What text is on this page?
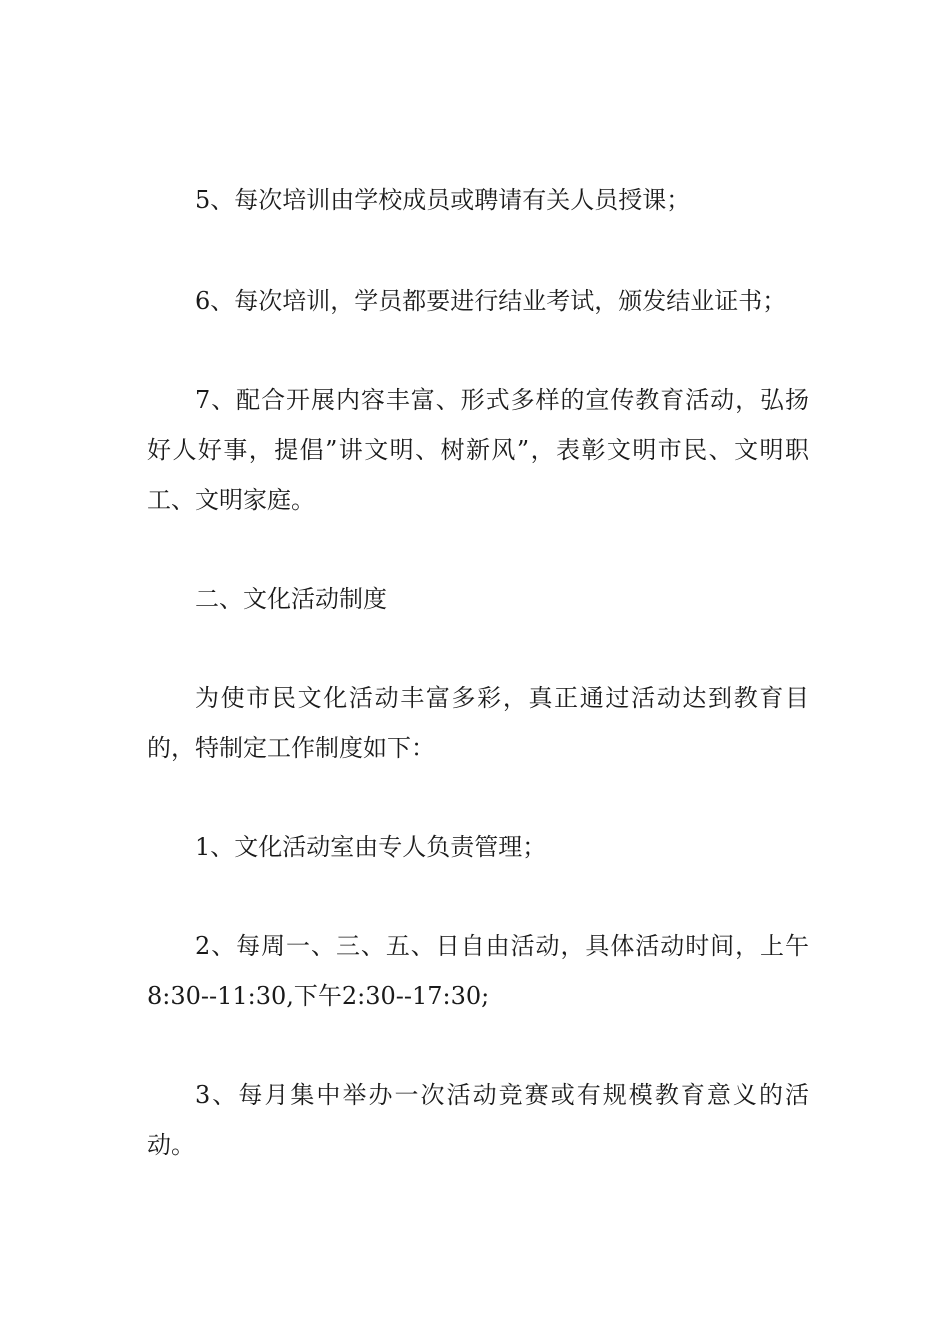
5、每次培训由学校成员或聘请有关人员授课；

6、每次培训，学员都要进行结业考试，颁发结业证书；

7、配合开展内容丰富、形式多样的宣传教育活动，弘扬好人好事，提倡”讲文明、树新风”，表彰文明市民、文明职工、文明家庭。

二、文化活动制度

为使市民文化活动丰富多彩，真正通过活动达到教育目的，特制定工作制度如下：

1、文化活动室由专人负责管理；

2、每周一、三、五、日自由活动，具体活动时间，上午8:30--11:30,下午2:30--17:30;

3、每月集中举办一次活动竞赛或有规模教育意义的活动。
